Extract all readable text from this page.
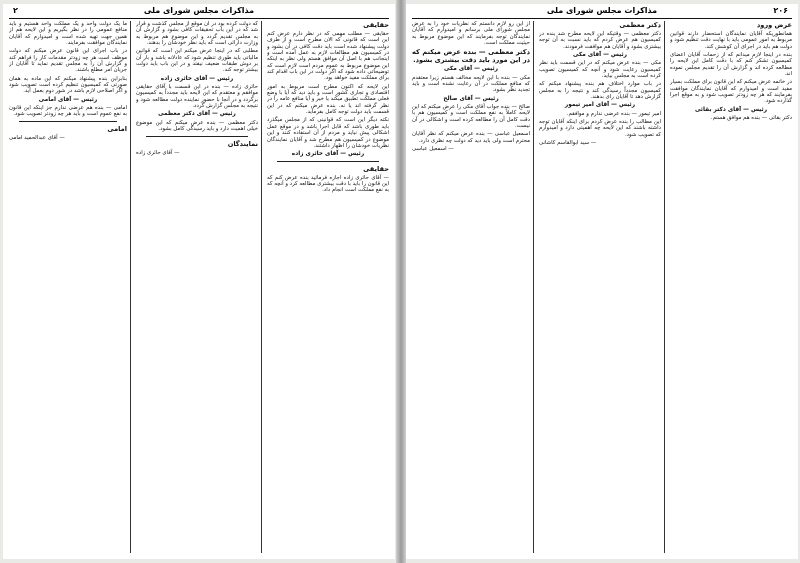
۲	مذاکرات مجلس شورای ملی

حقایقی

حقایقی — مطلب مهمی که در نظر دارم عرض کنم این است که قانونی که الان مطرح است و از طرف دولت پیشنهاد شده است باید دقت کافی در آن بشود و در کمیسیون هم مطالعات لازم به عمل آمده است و اینجانب هم با اصل آن موافق هستم ولی نظر به اینکه این موضوع مربوط به عموم مردم است لازم است که توضیحاتی داده شود که اگر دولت در این باب اقدام کند برای مملکت مفید خواهد بود.

این لایحه که اکنون مطرح است مربوط به امور اقتصادی و تجاری کشور است و باید دید که آیا با وضع فعلی مملکت تطبیق میکند یا خیر و آیا منافع عامه را در نظر گرفته اند یا نه. بنده عرض میکنم که در این قسمت باید دولت توجه کامل بفرماید.

نکته دیگر این است که قوانینی که از مجلس میگذرد باید طوری باشد که قابل اجرا باشد و در موقع عمل اشکالی پیش نیاید و مردم از آن استفاده کنند و این موضوع در کمیسیون هم مطرح شد و آقایان نمایندگان نظریات خودشان را اظهار داشتند.

رئیس — آقای حائری زاده

حقایقی

— آقای حائری زاده اجازه فرمائید بنده عرض کنم که این قانون را باید با دقت بیشتری مطالعه کرد و آنچه که به نفع مملکت است انجام داد.

که دولت کرده بود در آن موقع از مجلس گذشت و قرار شد که در این باب تحقیقات کافی بشود و گزارش آن به مجلس تقدیم گردد و این موضوع هم مربوط به وزارت دارائی است که باید نظر خودشان را بدهند.

مطلبی که در اینجا عرض میکنم این است که قوانین مالیاتی باید طوری تنظیم شود که عادلانه باشد و بار آن بر دوش طبقات ضعیف نیفتد و در این باب باید دولت بیشتر توجه کند.

رئیس — آقای حائری زاده

حائری زاده — بنده در این قسمت با آقای حقایقی موافقم و معتقدم که این لایحه باید مجدداً به کمیسیون برگردد و در آنجا با حضور نماینده دولت مطالعه شود و نتیجه به مجلس گزارش گردد.

رئیس — آقای دکتر معظمی

دکتر معظمی — بنده عرض میکنم که این موضوع خیلی اهمیت دارد و باید رسیدگی کامل بشود.

نمایندگان

— آقای حائری زاده

ما یک دولت واحد و یک مملکت واحد هستیم و باید منافع عمومی را در نظر بگیریم و این لایحه هم از همین جهت تهیه شده است و امیدوارم که آقایان نمایندگان موافقت بفرمایند.

در باب اجرای این قانون عرض میکنم که دولت موظف است هر چه زودتر مقدمات کار را فراهم کند و گزارش آن را به مجلس تقدیم نماید تا آقایان از جریان امر مطلع باشند.

بنابراین بنده پیشنهاد میکنم که این ماده به همان صورتی که کمیسیون تنظیم کرده است تصویب شود و اگر اصلاحی لازم باشد در شور دوم بعمل آید.

رئیس — آقای امامی

امامی — بنده هم عرضی ندارم جز اینکه این قانون به نفع عموم است و باید هر چه زودتر تصویب شود.

امامی

— آقای عبدالحمید امامی

۲۰۶
مذاکرات مجلس شورای ملی

عرض ورود

همانطوریکه آقایان نمایندگان استحضار دارند قوانین مربوط به امور عمومی باید با نهایت دقت تنظیم شود و دولت هم باید در اجرای آن کوشش کند.

بنده در اینجا لازم میدانم که از زحمات آقایان اعضای کمیسیون تشکر کنم که با دقت کامل این لایحه را مطالعه کرده اند و گزارش آن را تقدیم مجلس نموده اند.

در خاتمه عرض میکنم که این قانون برای مملکت بسیار مفید است و امیدوارم که آقایان نمایندگان موافقت بفرمایند که هر چه زودتر تصویب شود و به موقع اجرا گذارده شود.

رئیس — آقای دکتر بقائی

دکتر بقائی — بنده هم موافق هستم.

دکتر معظمی

دکتر معظمی — وقتیکه این لایحه مطرح شد بنده در کمیسیون هم عرض کردم که باید نسبت به آن توجه بیشتری بشود و آقایان هم موافقت فرمودند.

رئیس — آقای مکی

مکی — بنده عرض میکنم که در این قسمت باید نظر کمیسیون رعایت شود و آنچه که کمیسیون تصویب کرده است به مجلس بیاید.

در باب موارد اختلاف هم بنده پیشنهاد میکنم که کمیسیون مجدداً رسیدگی کند و نتیجه را به مجلس گزارش دهد تا آقایان رای بدهند.

رئیس — آقای امیر تیمور

امیر تیمور — بنده عرضی ندارم و موافقم.

این مطالب را بنده عرض کردم برای اینکه آقایان توجه داشته باشند که این لایحه چه اهمیتی دارد و امیدوارم که تصویب شود.

— سید ابوالقاسم کاشانی

از این رو لازم دانستم که نظریات خود را به عرض مجلس شورای ملی برسانم و امیدوارم که آقایان نمایندگان توجه بفرمایند که این موضوع مربوط به حیثیت مملکت است.

دکتر معظمی — بنده عرض میکنم که در این مورد باید دقت بیشتری بشود.

رئیس — آقای مکی

مکی — بنده با این لایحه مخالف هستم زیرا معتقدم که منافع مملکت در آن رعایت نشده است و باید تجدید نظر بشود.

رئیس — آقای صالح

صالح — بنده جواب آقای مکی را عرض میکنم که این لایحه کاملاً به نفع مملکت است و کمیسیون هم با دقت کامل آن را مطالعه کرده است و اشکالی در آن نیست.

اسمعیل عباسی — بنده عرض میکنم که نظر آقایان محترم است ولی باید دید که دولت چه نظری دارد.

— اسمعیل عباسی
